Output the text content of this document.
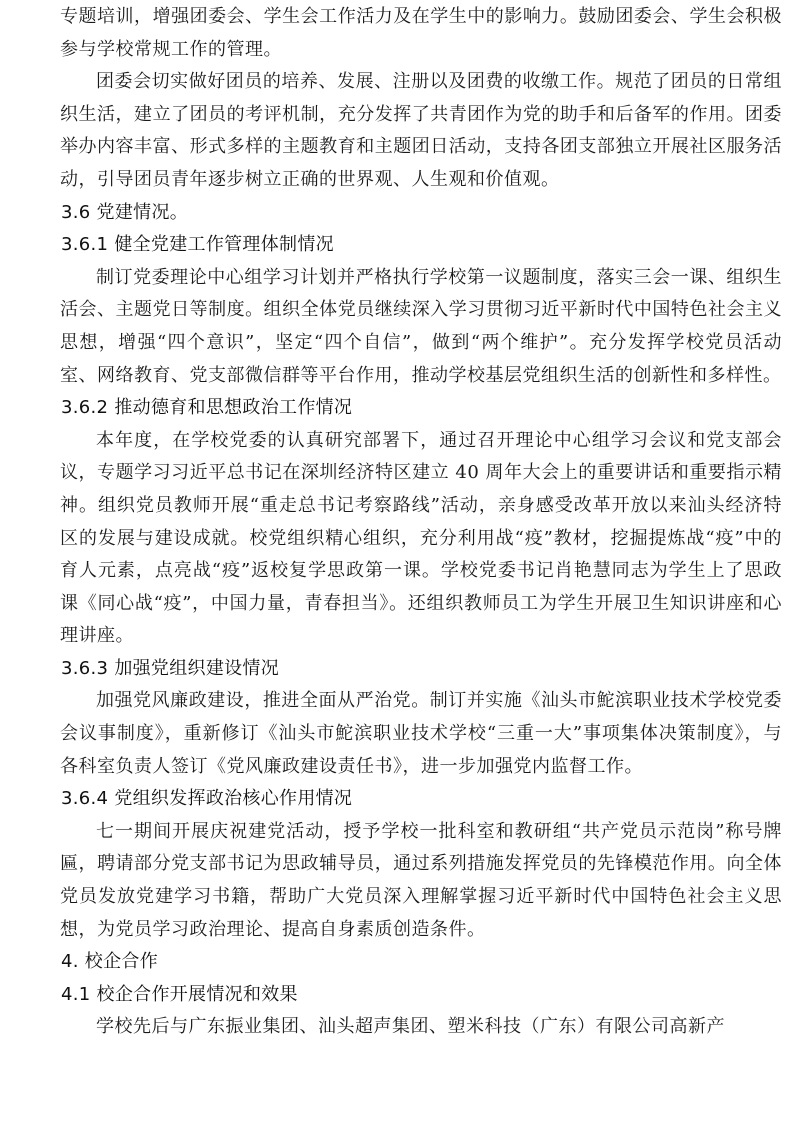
专题培训，增强团委会、学生会工作活力及在学生中的影响力。鼓励团委会、学生会积极参与学校常规工作的管理。

团委会切实做好团员的培养、发展、注册以及团费的收缴工作。规范了团员的日常组织生活，建立了团员的考评机制，充分发挥了共青团作为党的助手和后备军的作用。团委举办内容丰富、形式多样的主题教育和主题团日活动，支持各团支部独立开展社区服务活动，引导团员青年逐步树立正确的世界观、人生观和价值观。

3.6 党建情况。
3.6.1 健全党建工作管理体制情况

制订党委理论中心组学习计划并严格执行学校第一议题制度，落实三会一课、组织生活会、主题党日等制度。组织全体党员继续深入学习贯彻习近平新时代中国特色社会主义思想，增强“四个意识”，坚定“四个自信”，做到“两个维护”。充分发挥学校党员活动室、网络教育、党支部微信群等平台作用，推动学校基层党组织生活的创新性和多样性。

3.6.2 推动德育和思想政治工作情况

本年度，在学校党委的认真研究部署下，通过召开理论中心组学习会议和党支部会议，专题学习习近平总书记在深圳经济特区建立 40 周年大会上的重要讲话和重要指示精神。组织党员教师开展“重走总书记考察路线”活动，亲身感受改革开放以来汕头经济特区的发展与建设成就。校党组织精心组织，充分利用战“疫”教材，挖掘提炼战“疫”中的育人元素，点亮战“疫”返校复学思政第一课。学校党委书记肖艳慧同志为学生上了思政课《同心战“疫”，中国力量，青春担当》。还组织教师员工为学生开展卫生知识讲座和心理讲座。

3.6.3 加强党组织建设情况

加强党风廉政建设，推进全面从严治党。制订并实施《汕头市鮀滨职业技术学校党委会议事制度》，重新修订《汕头市鮀滨职业技术学校“三重一大”事项集体决策制度》，与各科室负责人签订《党风廉政建设责任书》，进一步加强党内监督工作。

3.6.4 党组织发挥政治核心作用情况

七一期间开展庆祝建党活动，授予学校一批科室和教研组“共产党员示范岗”称号牌匾，聘请部分党支部书记为思政辅导员，通过系列措施发挥党员的先锋模范作用。向全体党员发放党建学习书籍，帮助广大党员深入理解掌握习近平新时代中国特色社会主义思想，为党员学习政治理论、提高自身素质创造条件。

4. 校企合作
4.1 校企合作开展情况和效果

学校先后与广东振业集团、汕头超声集团、塑米科技（广东）有限公司高新产
